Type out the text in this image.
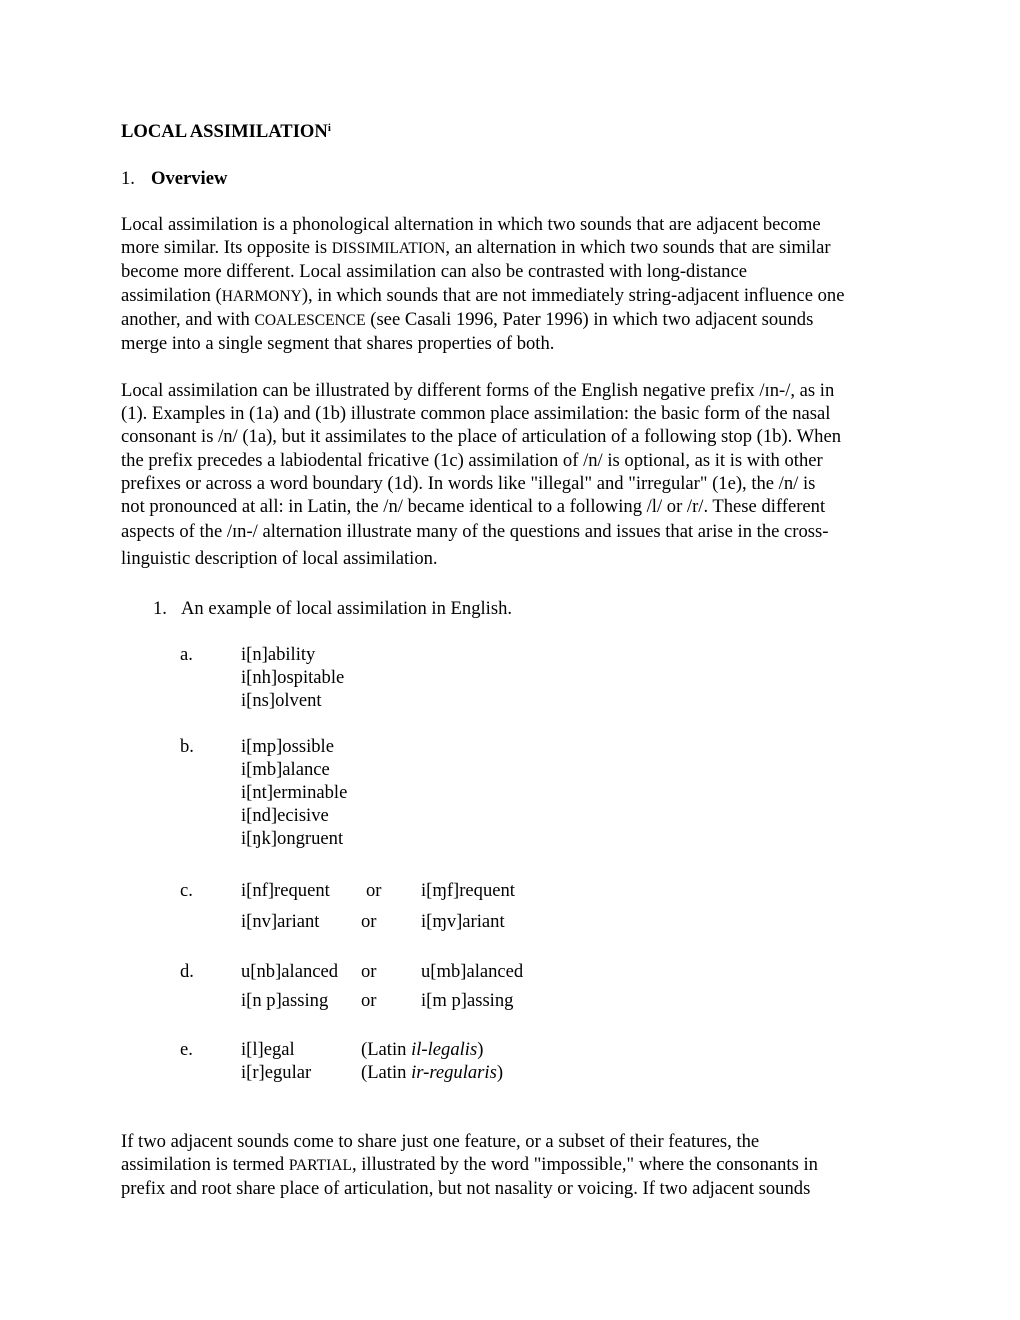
LOCAL ASSIMILATION$^i$
1. Overview

Local assimilation is a phonological alternation in which two sounds that are adjacent become

more similar. Its opposite is DISSIMILATION, an alternation in which two sounds that are similar

become more different. Local assimilation can also be contrasted with long-distance

assimilation (HARMONY), in which sounds that are not immediately string-adjacent influence one

another, and with COALESCENCE (see Casali 1996, Pater 1996) in which two adjacent sounds

merge into a single segment that shares properties of both.

Local assimilation can be illustrated by different forms of the English negative prefix /ɪn-/, as in

(1). Examples in (1a) and (1b) illustrate common place assimilation: the basic form of the nasal

consonant is /n/ (1a), but it assimilates to the place of articulation of a following stop (1b). When

the prefix precedes a labiodental fricative (1c) assimilation of /n/ is optional, as it is with other

prefixes or across a word boundary (1d). In words like "illegal" and "irregular" (1e), the /n/ is

not pronounced at all: in Latin, the /n/ became identical to a following /l/ or /r/. These different

aspects of the /ɪn-/ alternation illustrate many of the questions and issues that arise in the cross-

linguistic description of local assimilation.

1. An example of local assimilation in English.
a.	i[n]ability
i[nh]ospitable
i[ns]olvent
b.	i[mp]ossible
i[mb]alance
i[nt]erminable
i[nd]ecisive
i[ŋk]ongruent
c.	i[nf]requent or i[ɱf]requent
i[nv]ariant or i[ɱv]ariant
d.	u[nb]alanced or u[mb]alanced
i[n p]assing or i[m p]assing
e.	i[l]egal	(Latin il-legalis)
i[r]egular	(Latin ir-regularis)

If two adjacent sounds come to share just one feature, or a subset of their features, the

assimilation is termed PARTIAL, illustrated by the word "impossible," where the consonants in

prefix and root share place of articulation, but not nasality or voicing. If two adjacent sounds
